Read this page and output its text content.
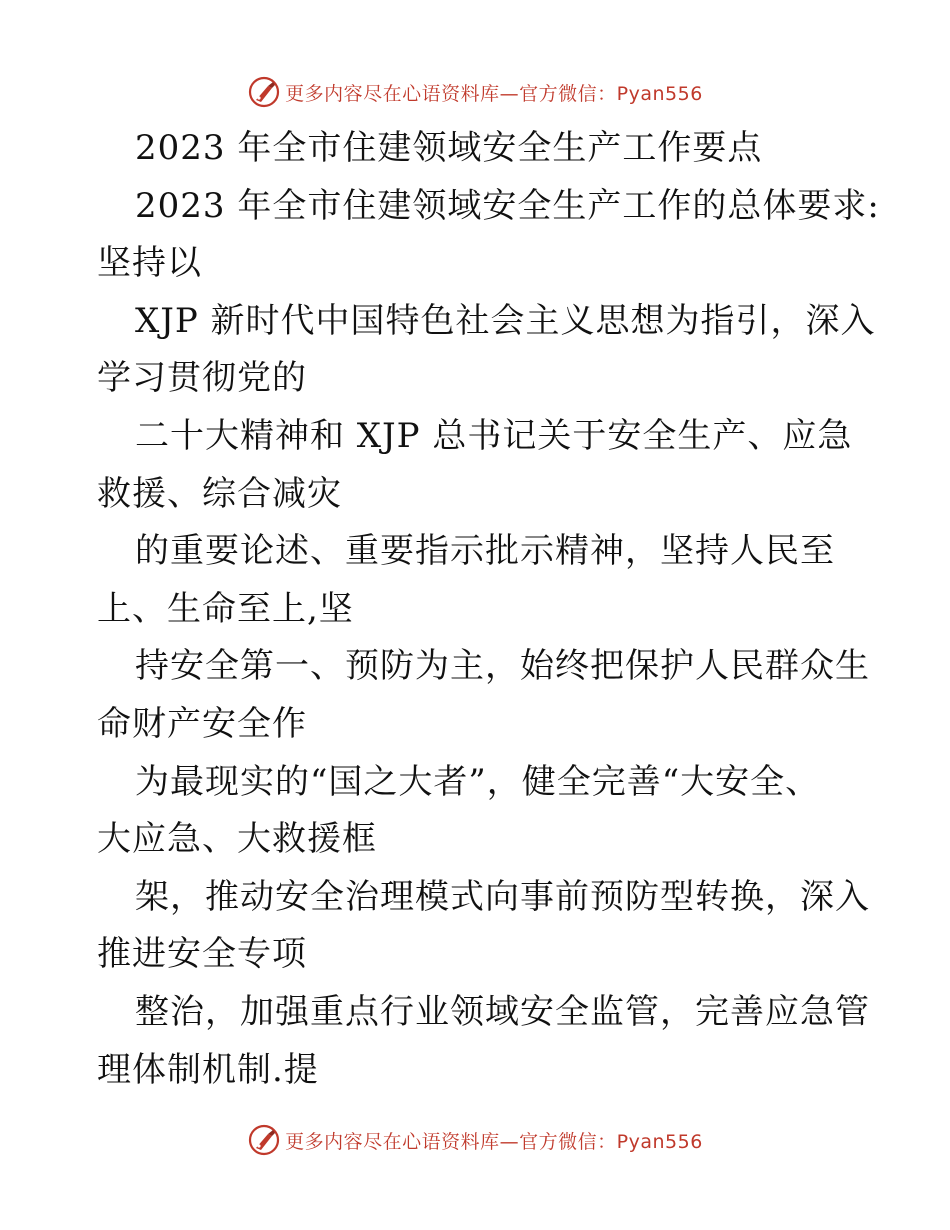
更多内容尽在心语资料库—官方微信：Pyan556
2023 年全市住建领域安全生产工作要点
2023 年全市住建领域安全生产工作的总体要求:
坚持以
XJP 新时代中国特色社会主义思想为指引，深入
学习贯彻党的
二十大精神和 XJP 总书记关于安全生产、应急
救援、综合减灾
的重要论述、重要指示批示精神，坚持人民至
上、生命至上,坚
持安全第一、预防为主，始终把保护人民群众生
命财产安全作
为最现实的“国之大者”，健全完善“大安全、
大应急、大救援框
架，推动安全治理模式向事前预防型转换，深入
推进安全专项
整治，加强重点行业领域安全监管，完善应急管
理体制机制.提
更多内容尽在心语资料库—官方微信：Pyan556
